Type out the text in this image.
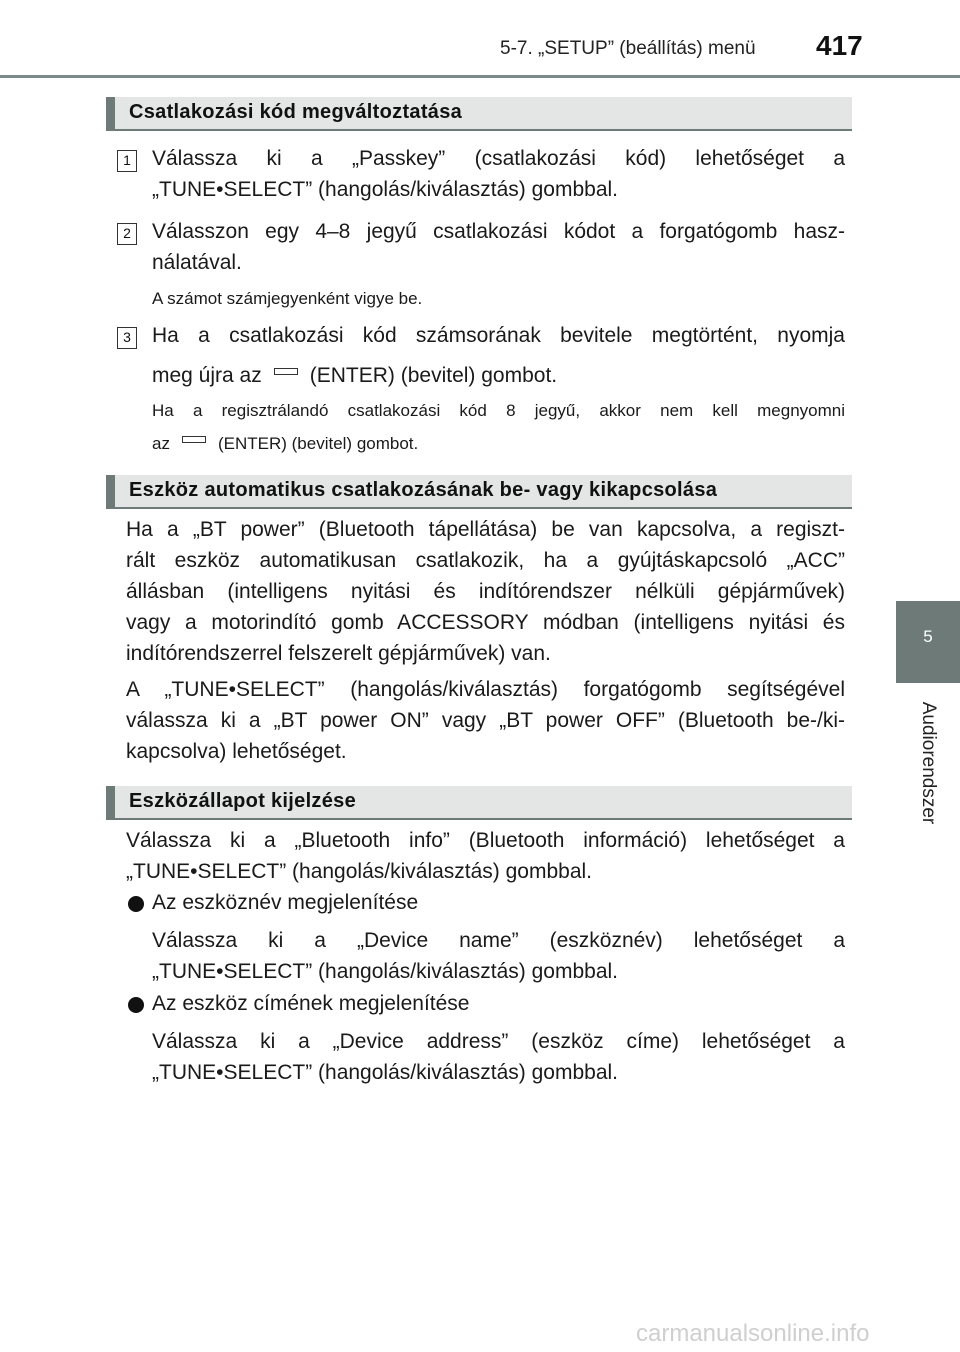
5-7. „SETUP” (beállítás) menü 417
5
Audiorendszer
Csatlakozási kód megváltoztatása
1 Válassza ki a „Passkey” (csatlakozási kód) lehetőséget a
„TUNE•SELECT” (hangolás/kiválasztás) gombbal.
2 Válasszon egy 4–8 jegyű csatlakozási kódot a forgatógomb hasz-
nálatával.
A számot számjegyenként vigye be.
3 Ha a csatlakozási kód számsorának bevitele megtörtént, nyomja
meg újra az (ENTER) (bevitel) gombot.
Ha a regisztrálandó csatlakozási kód 8 jegyű, akkor nem kell megnyomni
az	(ENTER) (bevitel) gombot.
Eszköz automatikus csatlakozásának be- vagy kikapcsolása
Ha a „BT power” (Bluetooth tápellátása) be van kapcsolva, a regiszt-
rált eszköz automatikusan csatlakozik, ha a gyújtáskapcsoló „ACC”
állásban (intelligens nyitási és indítórendszer nélküli gépjárművek)
vagy a motorindító gomb ACCESSORY módban (intelligens nyitási és
indítórendszerrel felszerelt gépjárművek) van.
A „TUNE•SELECT” (hangolás/kiválasztás) forgatógomb segítségével
válassza ki a „BT power ON” vagy „BT power OFF” (Bluetooth be-/ki-
kapcsolva) lehetőséget.
Eszközállapot kijelzése
Válassza ki a „Bluetooth info” (Bluetooth információ) lehetőséget a
„TUNE•SELECT” (hangolás/kiválasztás) gombbal.
Az eszköznév megjelenítése
Válassza ki a „Device name” (eszköznév) lehetőséget a
„TUNE•SELECT” (hangolás/kiválasztás) gombbal.
Az eszköz címének megjelenítése
Válassza ki a „Device address” (eszköz címe) lehetőséget a
„TUNE•SELECT” (hangolás/kiválasztás) gombbal.
carmanualsonline.info
